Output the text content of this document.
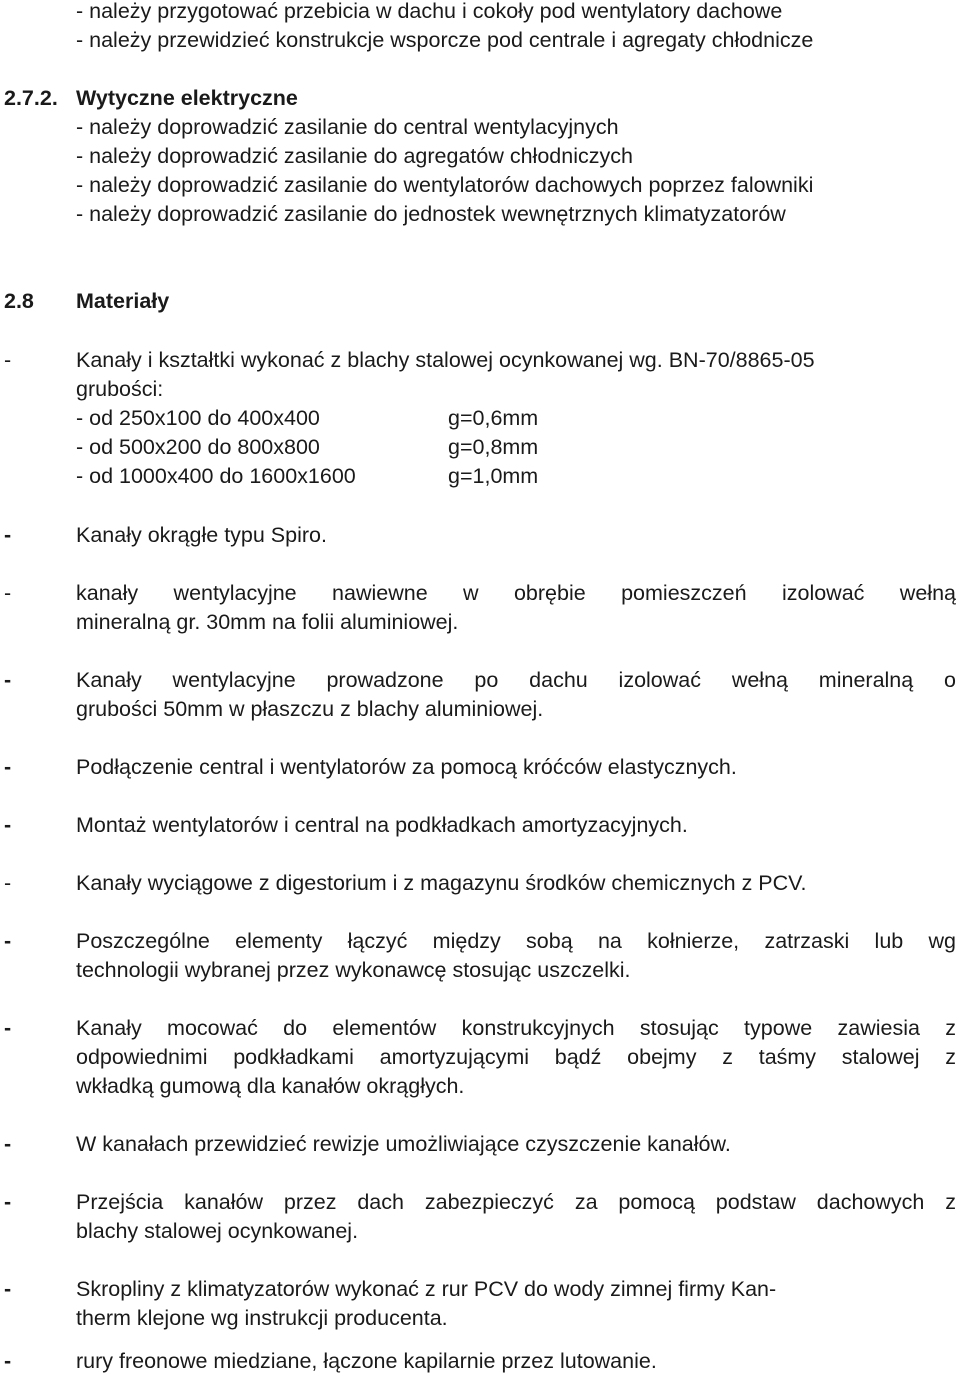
- należy przygotować przebicia w dachu i cokoły pod wentylatory dachowe
- należy przewidzieć konstrukcje wsporcze pod centrale i agregaty chłodnicze
2.7.2. Wytyczne elektryczne
- należy doprowadzić zasilanie do central wentylacyjnych
- należy doprowadzić zasilanie do agregatów chłodniczych
- należy doprowadzić zasilanie do wentylatorów dachowych poprzez falowniki
- należy doprowadzić zasilanie do jednostek wewnętrznych klimatyzatorów
2.8 Materiały
-	Kanały i kształtki wykonać z blachy stalowej ocynkowanej wg. BN-70/8865-05
grubości:
- od 250x100 do 400x400	g=0,6mm
- od 500x200 do 800x800	g=0,8mm
- od 1000x400 do 1600x1600	g=1,0mm
-	Kanały okrągłe typu Spiro.
-	kanały wentylacyjne nawiewne w obrębie pomieszczeń izolować wełną
mineralną gr. 30mm na folii aluminiowej.
-	Kanały wentylacyjne prowadzone po dachu izolować wełną mineralną o
grubości 50mm w płaszczu z blachy aluminiowej.
-	Podłączenie central i wentylatorów za pomocą króćców elastycznych.
-	Montaż wentylatorów i central na podkładkach amortyzacyjnych.
-	Kanały wyciągowe z digestorium i z magazynu środków chemicznych z PCV.
-	Poszczególne elementy łączyć między sobą na kołnierze, zatrzaski lub wg
technologii wybranej przez wykonawcę stosując uszczelki.
-	Kanały mocować do elementów konstrukcyjnych stosując typowe zawiesia z
odpowiednimi podkładkami amortyzującymi bądź obejmy z taśmy stalowej z
wkładką gumową dla kanałów okrągłych.
-	W kanałach przewidzieć rewizje umożliwiające czyszczenie kanałów.
-	Przejścia kanałów przez dach zabezpieczyć za pomocą podstaw dachowych z
blachy stalowej ocynkowanej.
-	Skropliny z klimatyzatorów wykonać z rur PCV do wody zimnej firmy Kan-
therm klejone wg instrukcji producenta.
-	rury freonowe miedziane, łączone kapilarnie przez lutowanie.
